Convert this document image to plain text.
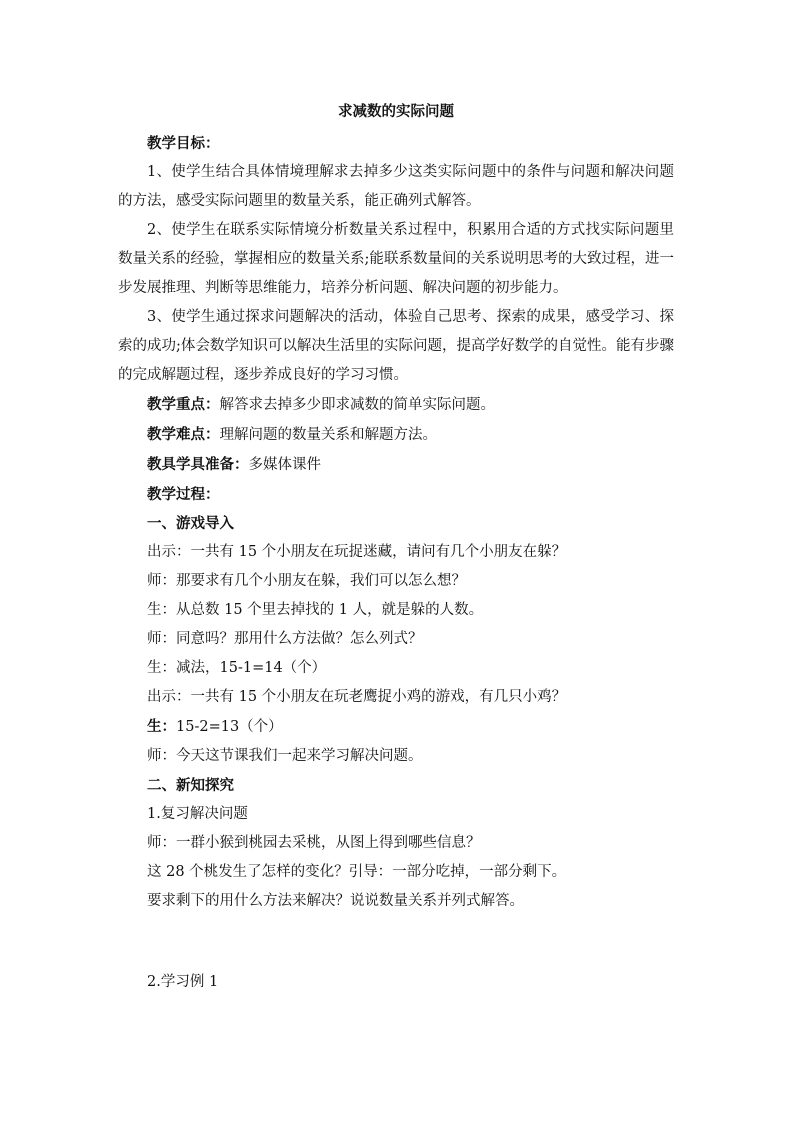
求减数的实际问题
教学目标：

1、使学生结合具体情境理解求去掉多少这类实际问题中的条件与问题和解决问题的方法，感受实际问题里的数量关系，能正确列式解答。

2、使学生在联系实际情境分析数量关系过程中，积累用合适的方式找实际问题里数量关系的经验，掌握相应的数量关系;能联系数量间的关系说明思考的大致过程，进一步发展推理、判断等思维能力，培养分析问题、解决问题的初步能力。

3、使学生通过探求问题解决的活动，体验自己思考、探索的成果，感受学习、探索的成功;体会数学知识可以解决生活里的实际问题，提高学好数学的自觉性。能有步骤的完成解题过程，逐步养成良好的学习习惯。

教学重点：解答求去掉多少即求减数的简单实际问题。
教学难点：理解问题的数量关系和解题方法。
教具学具准备：多媒体课件
教学过程：
一、游戏导入
出示：一共有 15 个小朋友在玩捉迷藏，请问有几个小朋友在躲？
师：那要求有几个小朋友在躲，我们可以怎么想？
生：从总数 15 个里去掉找的 1 人，就是躲的人数。
师：同意吗？那用什么方法做？怎么列式？
生：减法，15-1=14（个）
出示：一共有 15 个小朋友在玩老鹰捉小鸡的游戏，有几只小鸡？
生：15-2=13（个）
师：今天这节课我们一起来学习解决问题。
二、新知探究
1.复习解决问题
师：一群小猴到桃园去采桃，从图上得到哪些信息？
这 28 个桃发生了怎样的变化？引导：一部分吃掉，一部分剩下。
要求剩下的用什么方法来解决？说说数量关系并列式解答。
2.学习例 1
